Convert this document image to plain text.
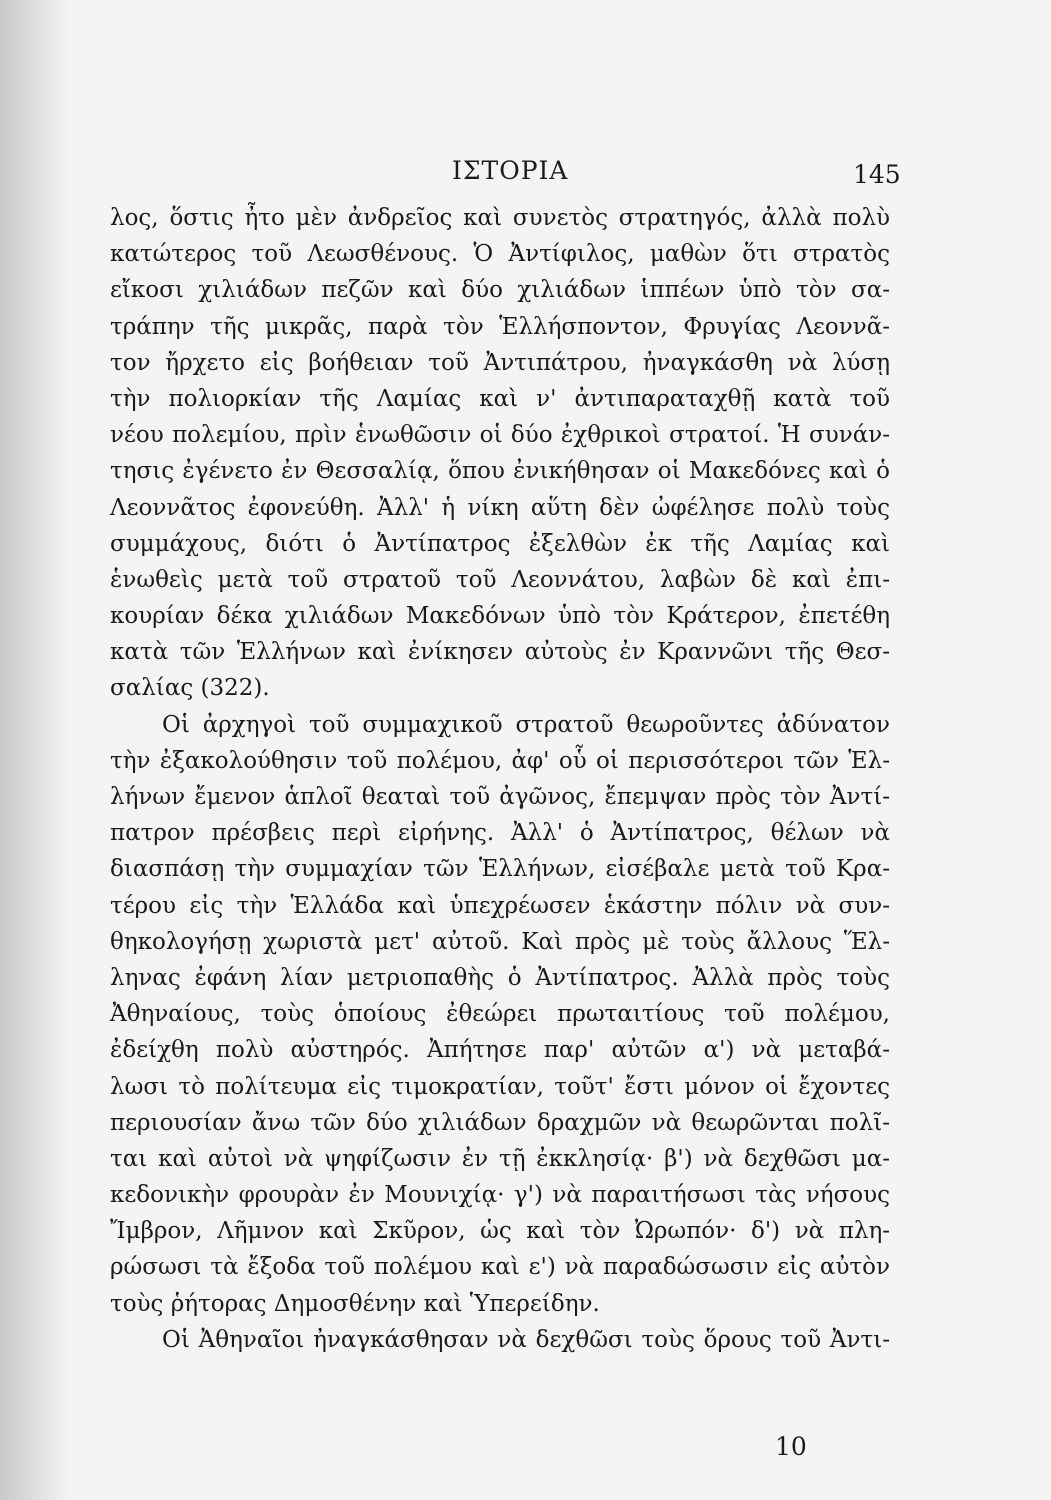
ΙΣΤΟΡΙΑ	145
λος, ὅστις ἦτο μὲν ἀνδρεῖος καὶ συνετὸς στρατηγός, ἀλλὰ πολὺ
κατώτερος τοῦ Λεωσθένους. Ὁ Ἀντίφιλος, μαθὼν ὅτι στρατὸς
εἴκοσι χιλιάδων πεζῶν καὶ δύο χιλιάδων ἱππέων ὑπὸ τὸν σα-
τράπην τῆς μικρᾶς, παρὰ τὸν Ἑλλήσποντον, Φρυγίας Λεοννᾶ-
τον ἤρχετο εἰς βοήθειαν τοῦ Ἀντιπάτρου, ἠναγκάσθη νὰ λύσῃ
τὴν πολιορκίαν τῆς Λαμίας καὶ ν' ἀντιπαραταχθῇ κατὰ τοῦ
νέου πολεμίου, πρὶν ἑνωθῶσιν οἱ δύο ἐχθρικοὶ στρατοί. Ἡ συνάν-
τησις ἐγένετο ἐν Θεσσαλίᾳ, ὅπου ἐνικήθησαν οἱ Μακεδόνες καὶ ὁ
Λεοννᾶτος ἐφονεύθη. Ἀλλ' ἡ νίκη αὕτη δὲν ὠφέλησε πολὺ τοὺς
συμμάχους, διότι ὁ Ἀντίπατρος ἐξελθὼν ἐκ τῆς Λαμίας καὶ
ἑνωθεὶς μετὰ τοῦ στρατοῦ τοῦ Λεοννάτου, λαβὼν δὲ καὶ ἐπι-
κουρίαν δέκα χιλιάδων Μακεδόνων ὑπὸ τὸν Κράτερον, ἐπετέθη
κατὰ τῶν Ἑλλήνων καὶ ἐνίκησεν αὐτοὺς ἐν Κραννῶνι τῆς Θεσ-
σαλίας (322).
Οἱ ἀρχηγοὶ τοῦ συμμαχικοῦ στρατοῦ θεωροῦντες ἀδύνατον
τὴν ἐξακολούθησιν τοῦ πολέμου, ἀφ' οὗ οἱ περισσότεροι τῶν Ἑλ-
λήνων ἔμενον ἁπλοῖ θεαταὶ τοῦ ἀγῶνος, ἔπεμψαν πρὸς τὸν Ἀντί-
πατρον πρέσβεις περὶ εἰρήνης. Ἀλλ' ὁ Ἀντίπατρος, θέλων νὰ
διασπάσῃ τὴν συμμαχίαν τῶν Ἑλλήνων, εἰσέβαλε μετὰ τοῦ Κρα-
τέρου εἰς τὴν Ἑλλάδα καὶ ὑπεχρέωσεν ἑκάστην πόλιν νὰ συν-
θηκολογήσῃ χωριστὰ μετ' αὐτοῦ. Καὶ πρὸς μὲ τοὺς ἄλλους Ἕλ-
ληνας ἐφάνη λίαν μετριοπαθὴς ὁ Ἀντίπατρος. Ἀλλὰ πρὸς τοὺς
Ἀθηναίους, τοὺς ὁποίους ἐθεώρει πρωταιτίους τοῦ πολέμου,
ἐδείχθη πολὺ αὐστηρός. Ἀπήτησε παρ' αὐτῶν α') νὰ μεταβά-
λωσι τὸ πολίτευμα εἰς τιμοκρατίαν, τοῦτ' ἔστι μόνον οἱ ἔχοντες
περιουσίαν ἄνω τῶν δύο χιλιάδων δραχμῶν νὰ θεωρῶνται πολῖ-
ται καὶ αὐτοὶ νὰ ψηφίζωσιν ἐν τῇ ἐκκλησίᾳ· β') νὰ δεχθῶσι μα-
κεδονικὴν φρουρὰν ἐν Μουνιχίᾳ· γ') νὰ παραιτήσωσι τὰς νήσους
Ἴμβρον, Λῆμνον καὶ Σκῦρον, ὡς καὶ τὸν Ὠρωπόν· δ') νὰ πλη-
ρώσωσι τὰ ἔξοδα τοῦ πολέμου καὶ ε') νὰ παραδώσωσιν εἰς αὐτὸν
τοὺς ῥήτορας Δημοσθένην καὶ Ὑπερείδην.
Οἱ Ἀθηναῖοι ἠναγκάσθησαν νὰ δεχθῶσι τοὺς ὅρους τοῦ Ἀντι-
10
